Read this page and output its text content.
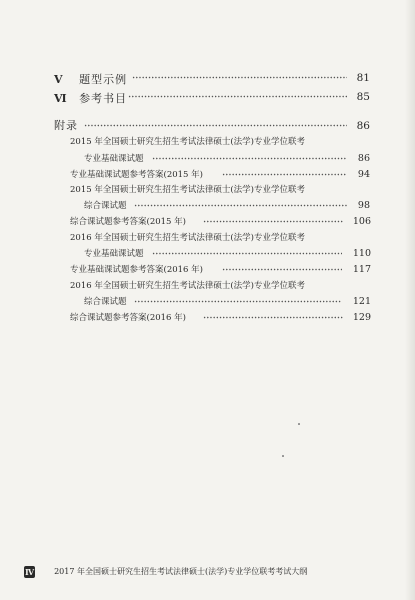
Ⅴ 题型示例	81
Ⅵ 参考书目	85
附录	86
2015 年全国硕士研究生招生考试法律硕士(法学)专业学位联考
专业基础课试题	86
专业基础课试题参考答案(2015 年)	94
2015 年全国硕士研究生招生考试法律硕士(法学)专业学位联考
综合课试题	98
综合课试题参考答案(2015 年)	106
2016 年全国硕士研究生招生考试法律硕士(法学)专业学位联考
专业基础课试题	110
专业基础课试题参考答案(2016 年)	117
2016 年全国硕士研究生招生考试法律硕士(法学)专业学位联考
综合课试题	121
综合课试题参考答案(2016 年)	129
Ⅳ	2017 年全国硕士研究生招生考试法律硕士(法学)专业学位联考考试大纲
